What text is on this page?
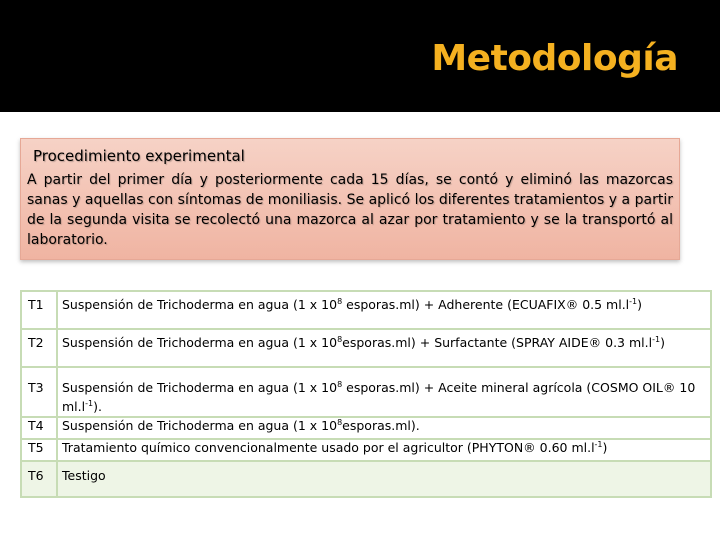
Metodología
Procedimiento experimental
A partir del primer día y posteriormente cada 15 días, se contó y eliminó las mazorcas sanas y aquellas con síntomas de moniliasis. Se aplicó los diferentes tratamientos y a partir de la segunda visita se recolectó una mazorca al azar por tratamiento y se la transportó al laboratorio.
T1	Suspensión de Trichoderma en agua (1 x $10^8$ esporas.ml) + Adherente (ECUAFIX® 0.5 $ml.l^{-1}$)
T2	Suspensión de Trichoderma en agua (1 x $10^8esporas.ml$) + Surfactante (SPRAY AIDE® 0.3 $ml.l^{-1}$)
T3	Suspensión de Trichoderma en agua (1 x $10^8$ esporas.ml) + Aceite mineral agrícola (COSMO OIL® 10 $ml.l^{-1}$).
T4	Suspensión de Trichoderma en agua (1 x $10^8esporas.ml$).
T5	Tratamiento químico convencionalmente usado por el agricultor (PHYTON® 0.60 $ml.l^{-1}$)
T6	Testigo
